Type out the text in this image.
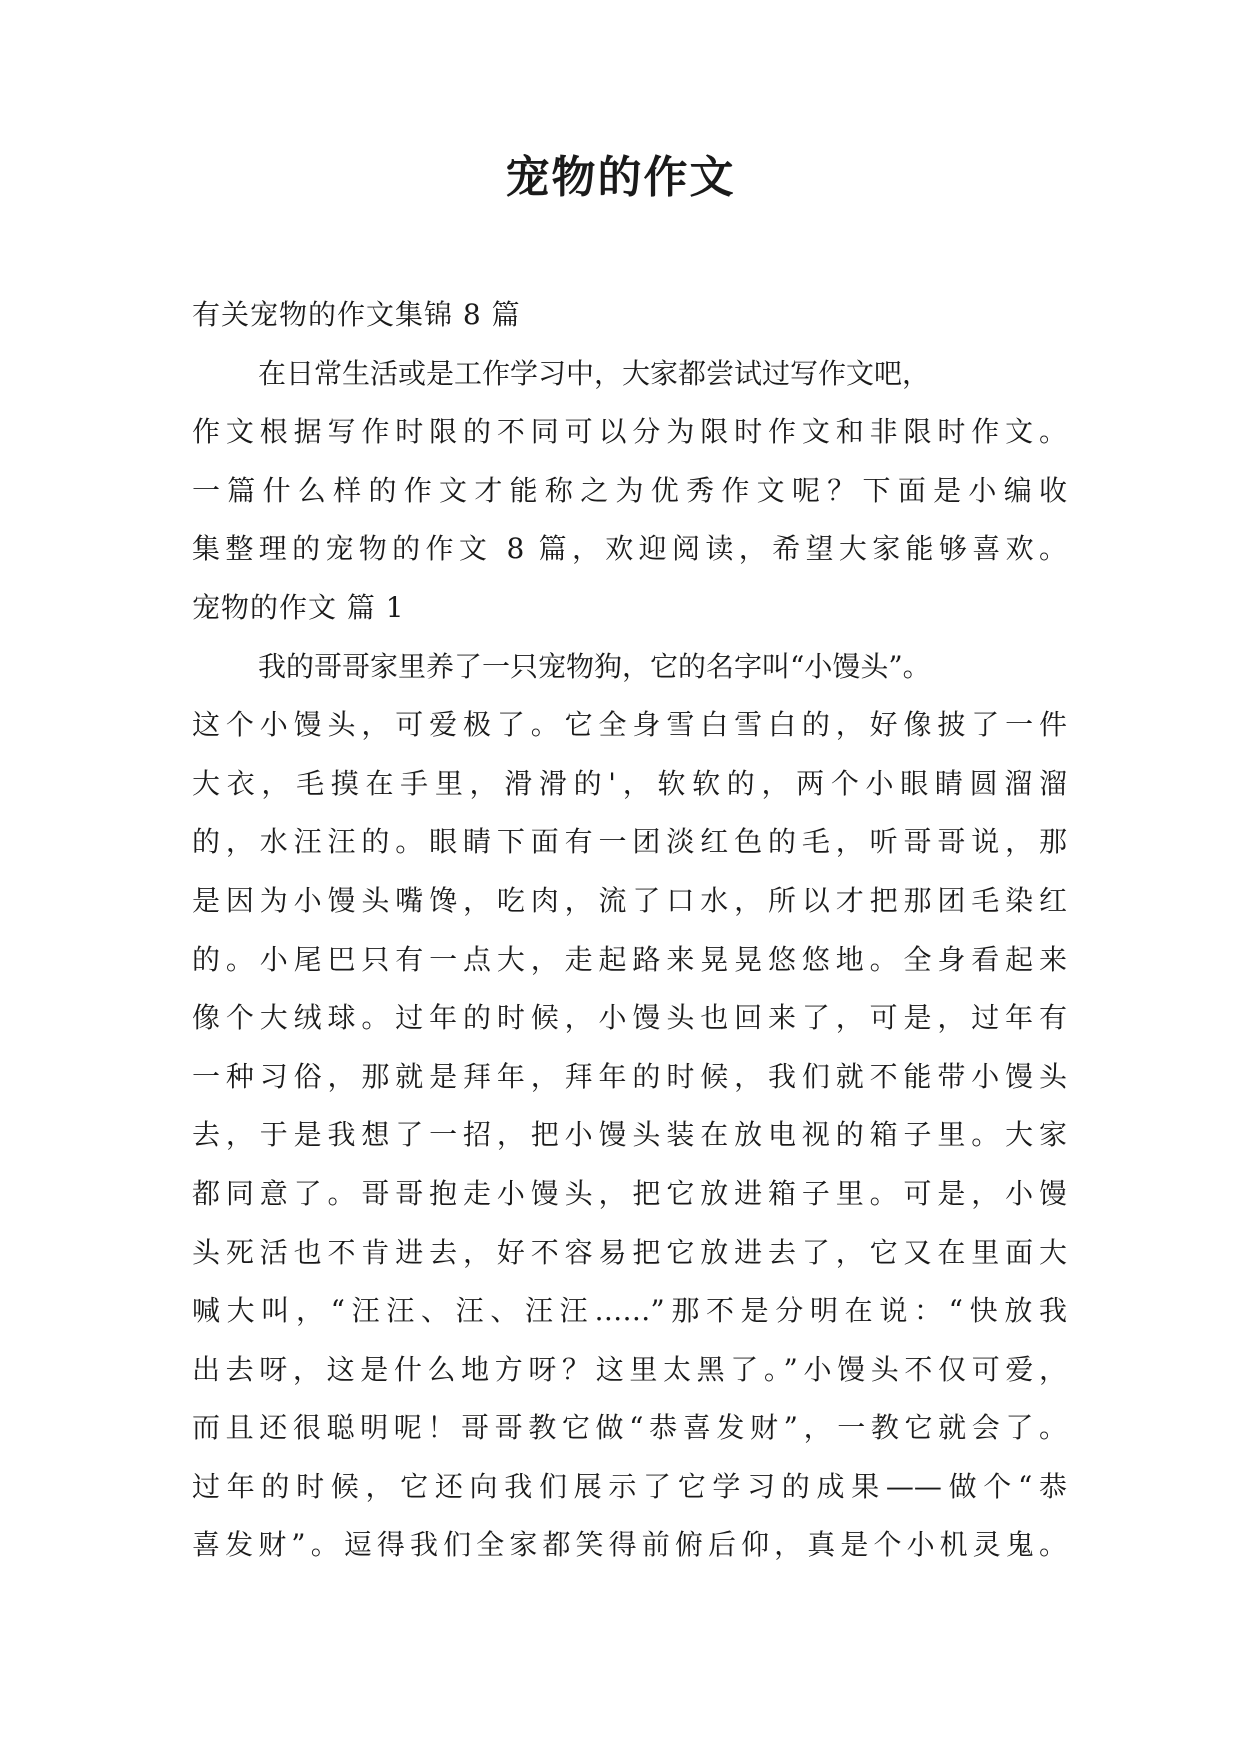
宠物的作文
有关宠物的作文集锦 8 篇
在日常生活或是工作学习中，大家都尝试过写作文吧，
作文根据写作时限的不同可以分为限时作文和非限时作文。
一篇什么样的作文才能称之为优秀作文呢？下面是小编收
集整理的宠物的作文 8 篇，欢迎阅读，希望大家能够喜欢。
宠物的作文 篇 1
我的哥哥家里养了一只宠物狗，它的名字叫“小馒头”。
这个小馒头，可爱极了。它全身雪白雪白的，好像披了一件
大衣，毛摸在手里，滑滑的'，软软的，两个小眼睛圆溜溜
的，水汪汪的。眼睛下面有一团淡红色的毛，听哥哥说，那
是因为小馒头嘴馋，吃肉，流了口水，所以才把那团毛染红
的。小尾巴只有一点大，走起路来晃晃悠悠地。全身看起来
像个大绒球。过年的时候，小馒头也回来了，可是，过年有
一种习俗，那就是拜年，拜年的时候，我们就不能带小馒头
去，于是我想了一招，把小馒头装在放电视的箱子里。大家
都同意了。哥哥抱走小馒头，把它放进箱子里。可是，小馒
头死活也不肯进去，好不容易把它放进去了，它又在里面大
喊大叫，“汪汪、汪、汪汪……”那不是分明在说：“快放我
出去呀，这是什么地方呀？这里太黑了。”小馒头不仅可爱，
而且还很聪明呢！哥哥教它做“恭喜发财”，一教它就会了。
过年的时候，它还向我们展示了它学习的成果——做个“恭
喜发财”。逗得我们全家都笑得前俯后仰，真是个小机灵鬼。
